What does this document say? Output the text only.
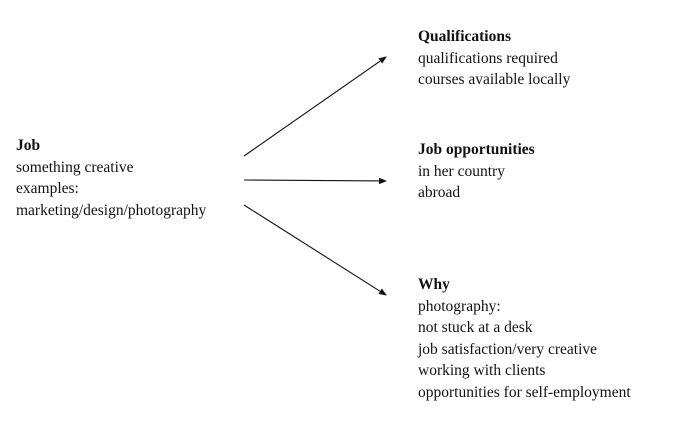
Job
something creative
examples:
marketing/design/photography
Qualifications
qualifications required
courses available locally
Job opportunities
in her country
abroad
Why
photography:
not stuck at a desk
job satisfaction/very creative
working with clients
opportunities for self-employment
